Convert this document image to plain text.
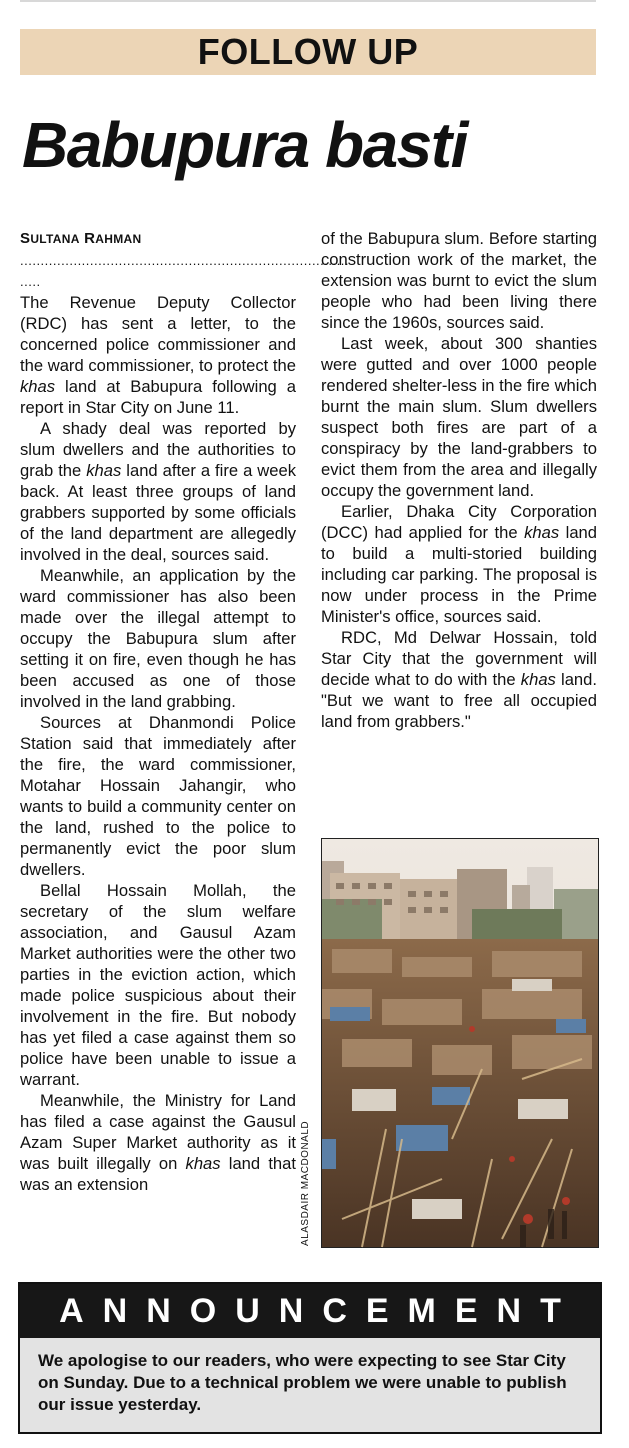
FOLLOW UP
Babupura basti
SULTANA RAHMAN
................................................................................
.....

The Revenue Deputy Collector (RDC) has sent a letter, to the concerned police commissioner and the ward commissioner, to protect the khas land at Babupura following a report in Star City on June 11.

A shady deal was reported by slum dwellers and the authorities to grab the khas land after a fire a week back. At least three groups of land grabbers supported by some officials of the land department are allegedly involved in the deal, sources said.

Meanwhile, an application by the ward commissioner has also been made over the illegal attempt to occupy the Babupura slum after setting it on fire, even though he has been accused as one of those involved in the land grabbing.

Sources at Dhanmondi Police Station said that immediately after the fire, the ward commissioner, Motahar Hossain Jahangir, who wants to build a community center on the land, rushed to the police to permanently evict the poor slum dwellers.

Bellal Hossain Mollah, the secretary of the slum welfare association, and Gausul Azam Market authorities were the other two parties in the eviction action, which made police suspicious about their involvement in the fire. But nobody has yet filed a case against them so police have been unable to issue a warrant.

Meanwhile, the Ministry for Land has filed a case against the Gausul Azam Super Market authority as it was built illegally on khas land that was an extension

of the Babupura slum. Before starting construction work of the market, the extension was burnt to evict the slum people who had been living there since the 1960s, sources said.

Last week, about 300 shanties were gutted and over 1000 people rendered shelter-less in the fire which burnt the main slum. Slum dwellers suspect both fires are part of a conspiracy by the land-grabbers to evict them from the area and illegally occupy the government land.

Earlier, Dhaka City Corporation (DCC) had applied for the khas land to build a multi-storied building including car parking. The proposal is now under process in the Prime Minister's office, sources said.

RDC, Md Delwar Hossain, told Star City that the government will decide what to do with the khas land. "But we want to free all occupied land from grabbers."

ALASDAIR MACDONALD
ANNOUNCEMENT
We apologise to our readers, who were expecting to see Star City on Sunday. Due to a technical problem we were unable to publish our issue yesterday.
